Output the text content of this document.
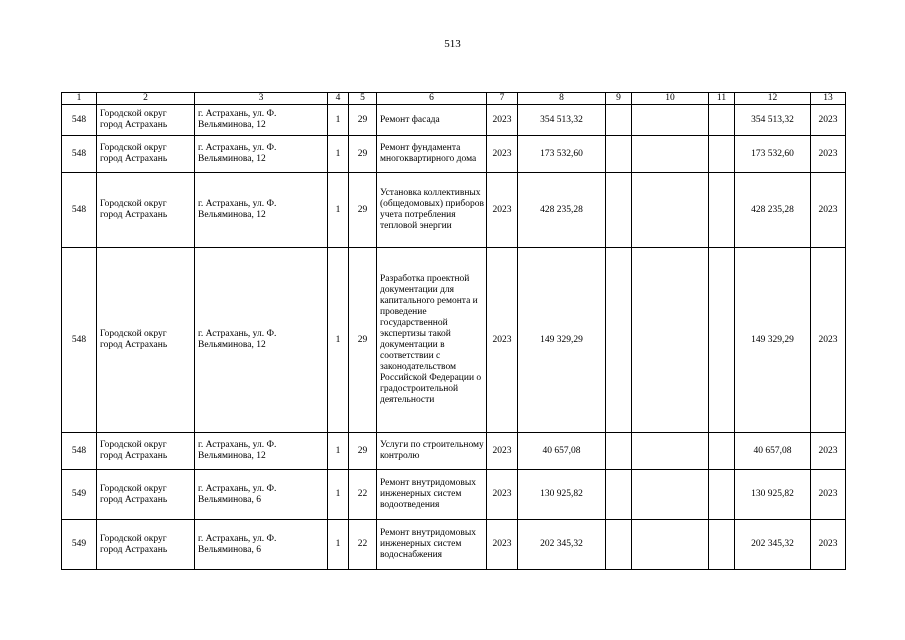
513
1	2	3	4	5	6	7	8	9	10	11	12	13
548	Городской округ город Астрахань	г. Астрахань, ул. Ф. Вельяминова, 12	1	29	Ремонт фасада	2023	354 513,32				354 513,32	2023
548	Городской округ город Астрахань	г. Астрахань, ул. Ф. Вельяминова, 12	1	29	Ремонт фундамента многоквартирного дома	2023	173 532,60				173 532,60	2023
548	Городской округ город Астрахань	г. Астрахань, ул. Ф. Вельяминова, 12	1	29	Установка коллективных (общедомовых) приборов учета потребления тепловой энергии	2023	428 235,28				428 235,28	2023
548	Городской округ город Астрахань	г. Астрахань, ул. Ф. Вельяминова, 12	1	29	Разработка проектной документации для капитального ремонта и проведение государственной экспертизы такой документации в соответствии с законодательством Российской Федерации о градостроительной деятельности	2023	149 329,29				149 329,29	2023
548	Городской округ город Астрахань	г. Астрахань, ул. Ф. Вельяминова, 12	1	29	Услуги по строительному контролю	2023	40 657,08				40 657,08	2023
549	Городской округ город Астрахань	г. Астрахань, ул. Ф. Вельяминова, 6	1	22	Ремонт внутридомовых инженерных систем водоотведения	2023	130 925,82				130 925,82	2023
549	Городской округ город Астрахань	г. Астрахань, ул. Ф. Вельяминова, 6	1	22	Ремонт внутридомовых инженерных систем водоснабжения	2023	202 345,32				202 345,32	2023
